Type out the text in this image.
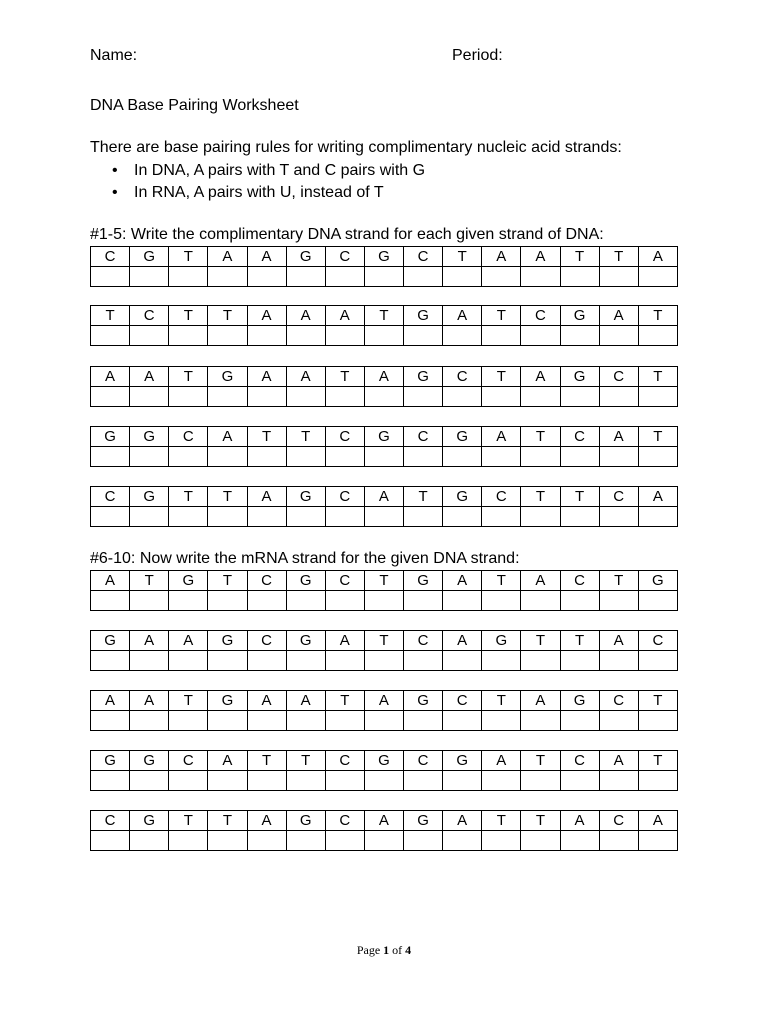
Name:	Period:
DNA Base Pairing Worksheet
There are base pairing rules for writing complimentary nucleic acid strands:
• In DNA, A pairs with T and C pairs with G
• In RNA, A pairs with U, instead of T
#1-5: Write the complimentary DNA strand for each given strand of DNA:
C	G	T	A	A	G	C	G	C	T	A	A	T	T	A

T	C	T	T	A	A	A	T	G	A	T	C	G	A	T

A	A	T	G	A	A	T	A	G	C	T	A	G	C	T

G	G	C	A	T	T	C	G	C	G	A	T	C	A	T

C	G	T	T	A	G	C	A	T	G	C	T	T	C	A

#6-10: Now write the mRNA strand for the given DNA strand:
A	T	G	T	C	G	C	T	G	A	T	A	C	T	G

G	A	A	G	C	G	A	T	C	A	G	T	T	A	C

A	A	T	G	A	A	T	A	G	C	T	A	G	C	T

G	G	C	A	T	T	C	G	C	G	A	T	C	A	T

C	G	T	T	A	G	C	A	G	A	T	T	A	C	A

Page 1 of 4
